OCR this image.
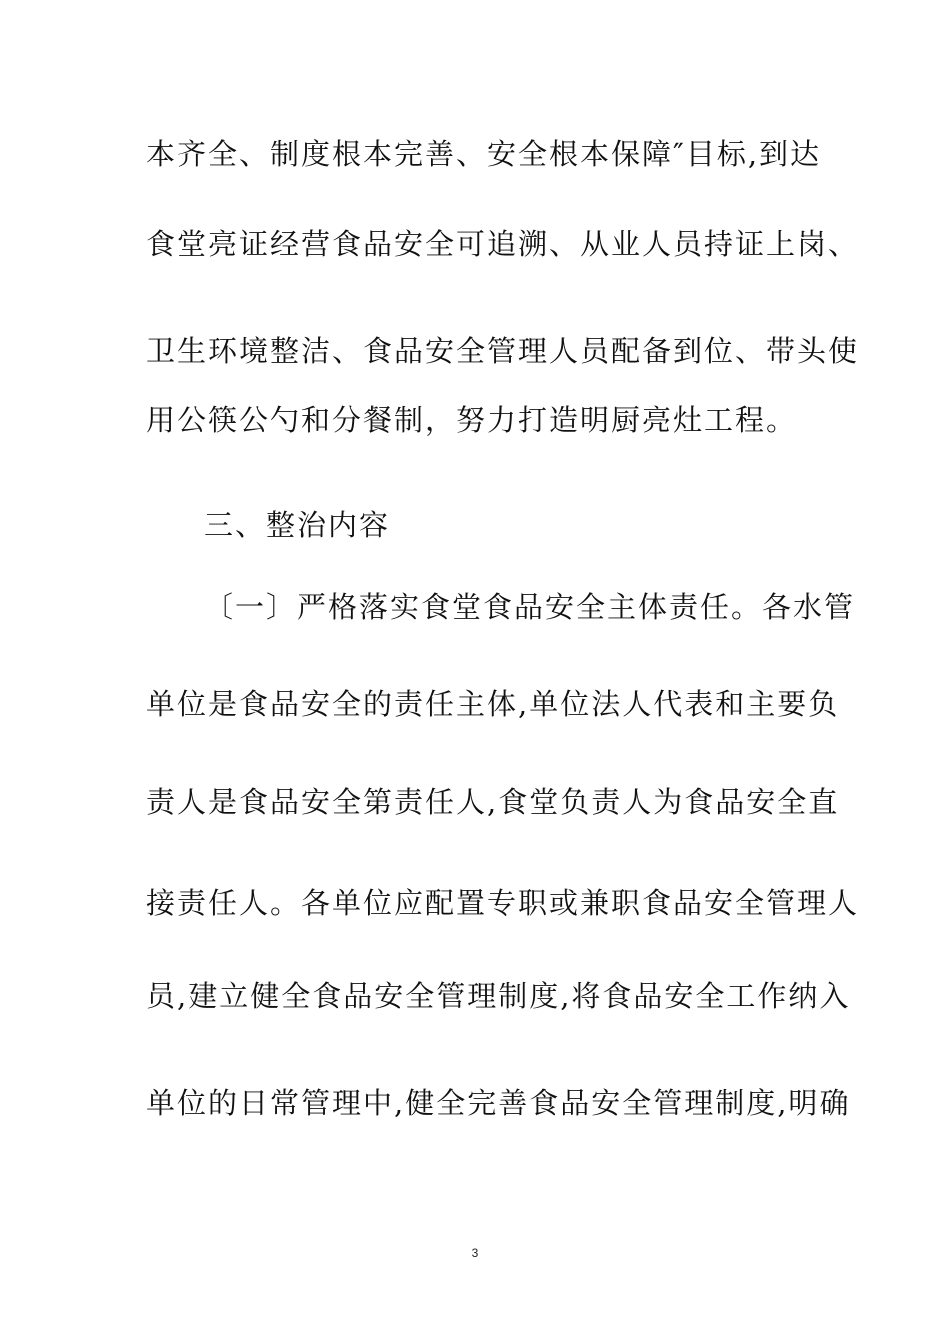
本齐全、制度根本完善、安全根本保障″目标,到达
食堂亮证经营食品安全可追溯、从业人员持证上岗、
卫生环境整洁、食品安全管理人员配备到位、带头使
用公筷公勺和分餐制，努力打造明厨亮灶工程。
三、整治内容
〔一〕严格落实食堂食品安全主体责任。各水管
单位是食品安全的责任主体,单位法人代表和主要负
责人是食品安全第责任人,食堂负责人为食品安全直
接责任人。各单位应配置专职或兼职食品安全管理人
员,建立健全食品安全管理制度,将食品安全工作纳入
单位的日常管理中,健全完善食品安全管理制度,明确
3
